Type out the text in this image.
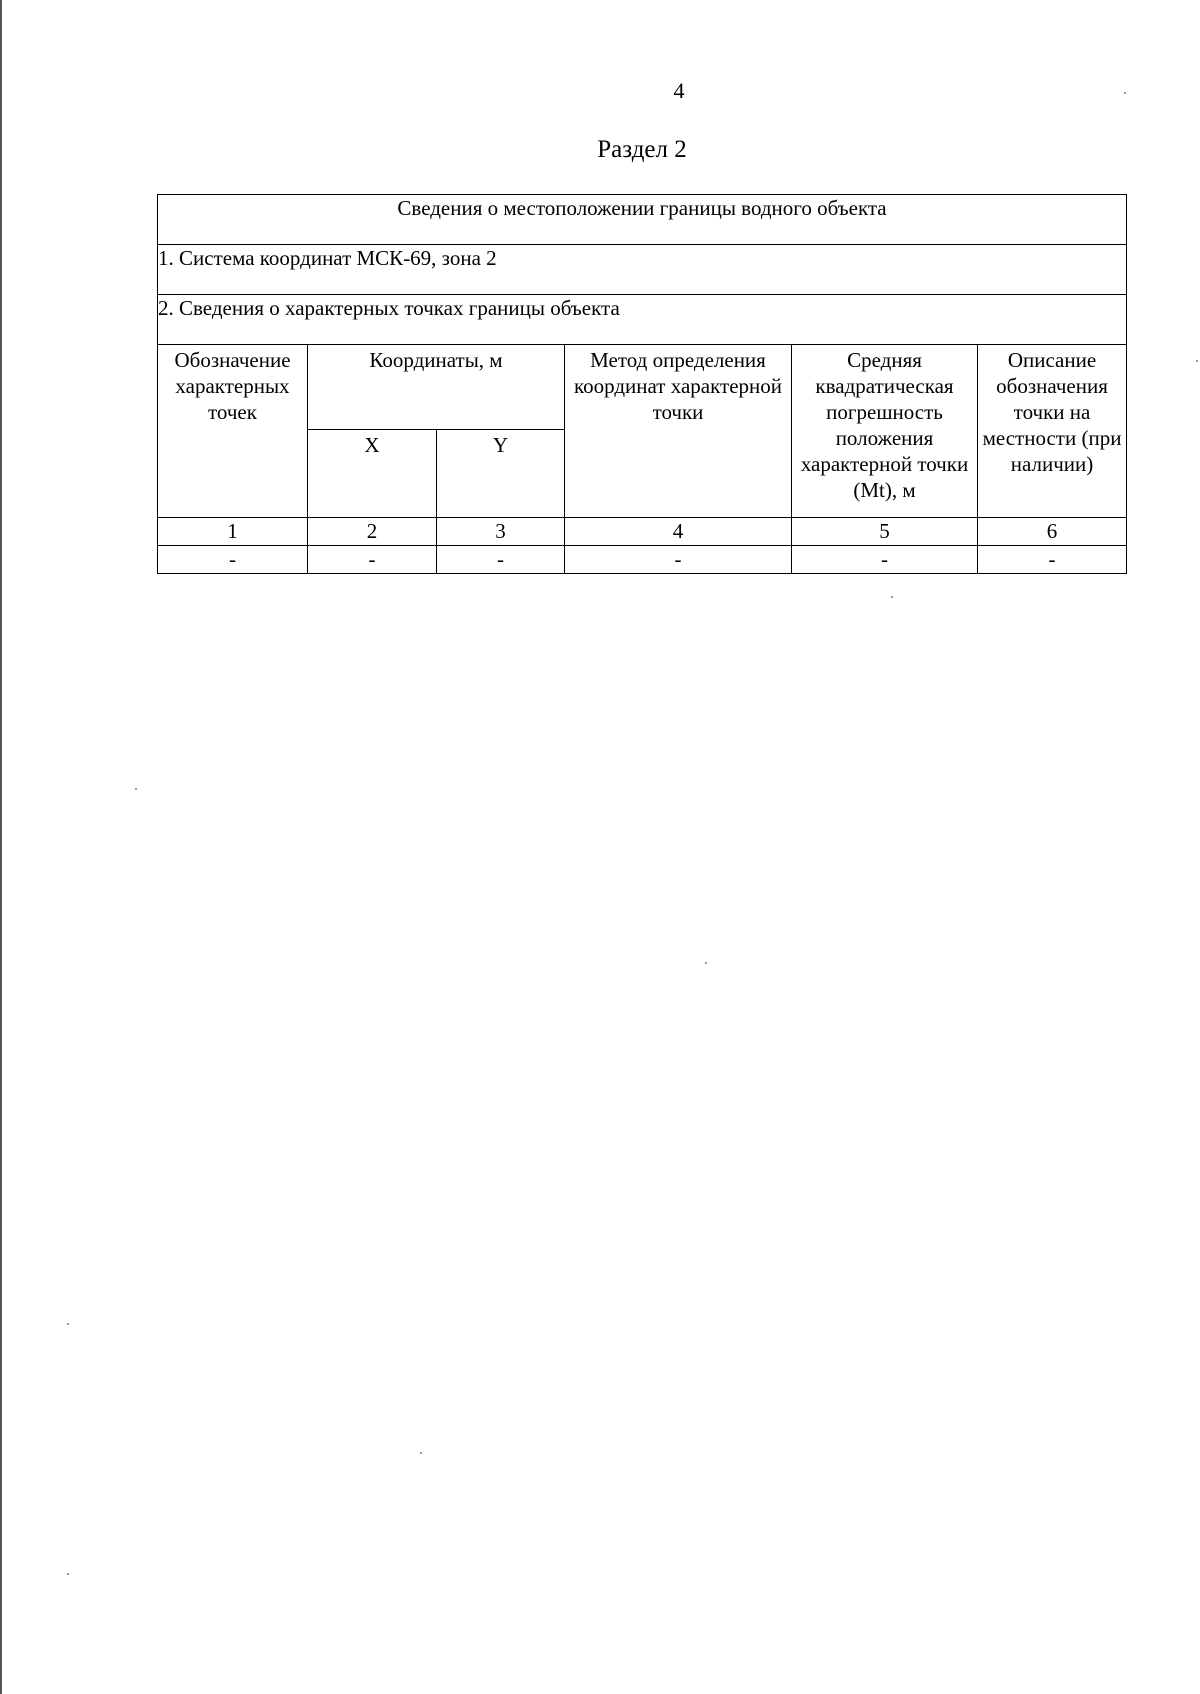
4
Раздел 2
Сведения о местоположении границы водного объекта					
1. Система координат МСК-69, зона 2					
2. Сведения о характерных точках границы объекта					
Обозначение характерных точек	Координаты, м		Метод определения координат характерной точки	Средняя квадратическая погрешность положения характерной точки (Mt), м	Описание обозначения точки на местности (при наличии)
	X	Y			
1	2	3	4	5	6
-	-	-	-	-	-
